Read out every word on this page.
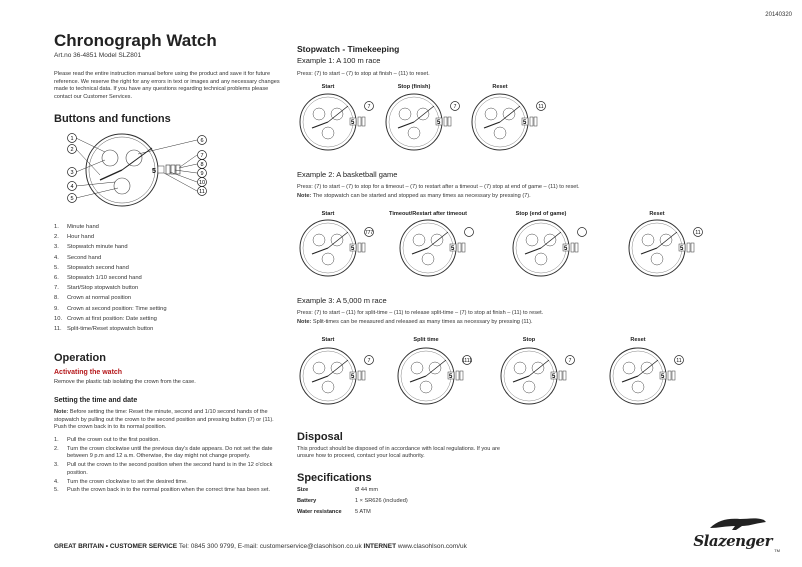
20140320
Chronograph Watch
Art.no 36-4851 Model SLZ801
Please read the entire instruction manual before using the product and save it for future reference. We reserve the right for any errors in text or images and any necessary changes made to technical data. If you have any questions regarding technical problems please contact our Customer Services.
Buttons and functions
5
1
2
3
4
5
6
7
8
9
10
11
1. Minute hand
2. Hour hand
3. Stopwatch minute hand
4. Second hand
5. Stopwatch second hand
6. Stopwatch 1/10 second hand
7. Start/Stop stopwatch button
8. Crown at normal position
9. Crown at second position: Time setting
10. Crown at first position: Date setting
11. Split-time/Reset stopwatch button
Operation
Activating the watch
Remove the plastic tab isolating the crown from the case.
Setting the time and date
Note: Before setting the time: Reset the minute, second and 1/10 second hands of the stopwatch by pulling out the crown to the second position and pressing button (7) or (11). Push the crown back in to its normal position.
1. Pull the crown out to the first position.
2. Turn the crown clockwise until the previous day's date appears. Do not set the date between 9 p.m and 12 a.m. Otherwise, the day might not change properly.
3. Pull out the crown to the second position when the second hand is in the 12 o'clock position.
4. Turn the crown clockwise to set the desired time.
5. Push the crown back in to the normal position when the correct time has been set.
Stopwatch - Timekeeping
Example 1: A 100 m race
Press: (7) to start – (7) to stop at finish – (11) to reset.
Start
5
7
Stop (finish)
5
7
Reset
5
11
Example 2: A basketball game
Press: (7) to start – (7) to stop for a timeout – (7) to restart after a timeout – (7) stop at end of game – (11) to reset.
Note: The stopwatch can be started and stopped as many times as necessary by pressing (7).
Start
5
777
Timeout/Restart after timeout
5
Stop (end of game)
5
Reset
5
11
Example 3: A 5,000 m race
Press: (7) to start – (11) for split-time – (11) to release split-time – (7) to stop at finish – (11) to reset.
Note: Split-times can be measured and released as many times as necessary by pressing (11).
Start
5
7
Split time
5
1111
Stop
5
7
Reset
5
11
Disposal
This product should be disposed of in accordance with local regulations. If you are unsure how to proceed, contact your local authority.
Specifications
Size	Ø 44 mm
Battery	1 × SR626 (included)
Water resistance	5 ATM
GREAT BRITAIN • CUSTOMER SERVICE Tel: 0845 300 9799, E-mail: customerservice@clasohlson.co.uk INTERNET www.clasohlson.com/uk	Slazenger
TM
